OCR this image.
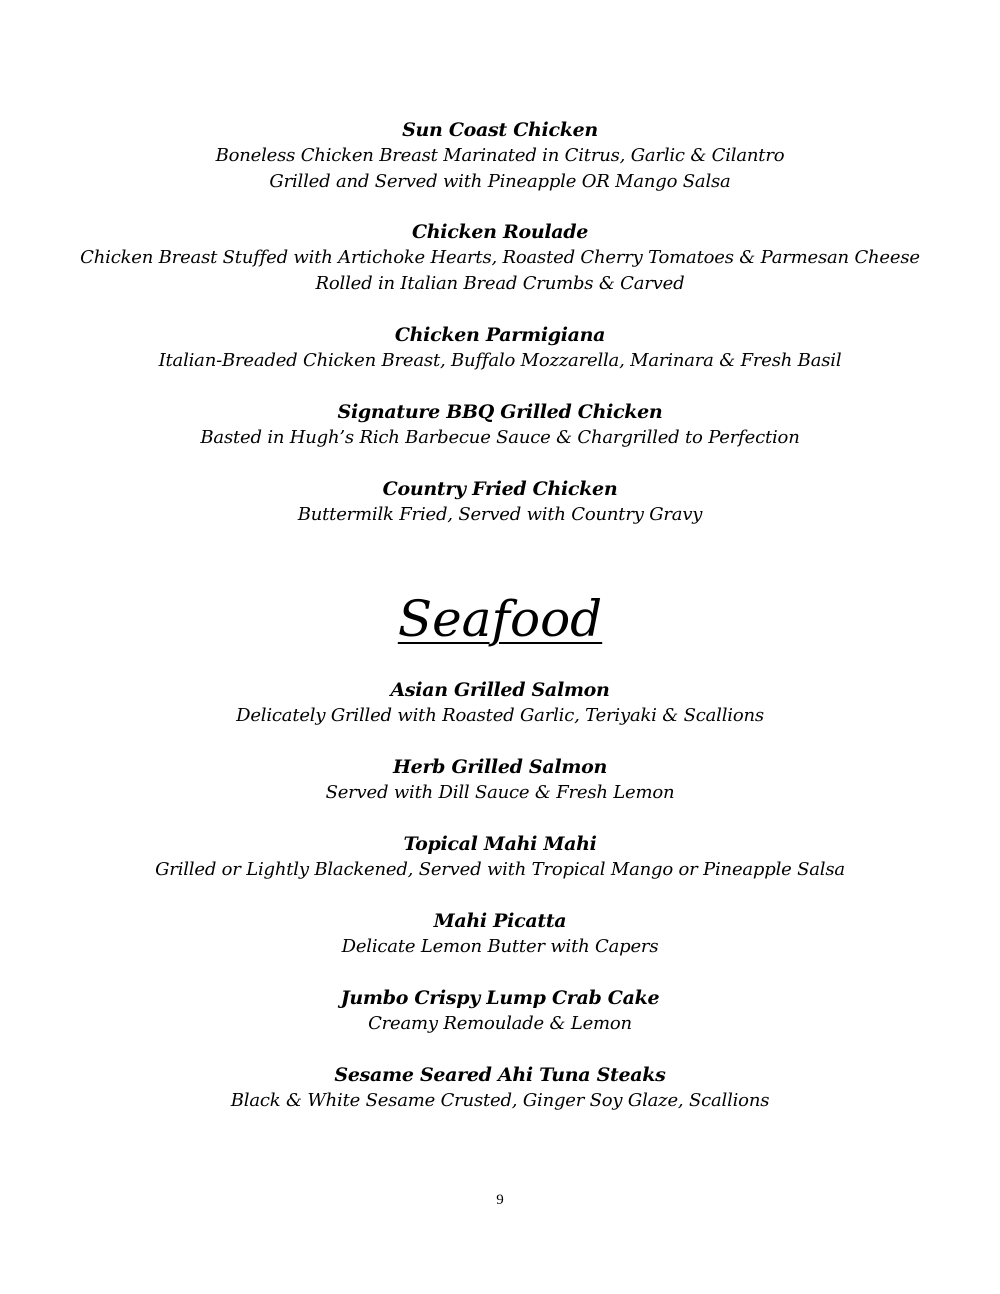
Sun Coast Chicken
Boneless Chicken Breast Marinated in Citrus, Garlic & Cilantro
Grilled and Served with Pineapple OR Mango Salsa
Chicken Roulade
Chicken Breast Stuffed with Artichoke Hearts, Roasted Cherry Tomatoes & Parmesan Cheese
Rolled in Italian Bread Crumbs & Carved
Chicken Parmigiana
Italian-Breaded Chicken Breast, Buffalo Mozzarella, Marinara & Fresh Basil
Signature BBQ Grilled Chicken
Basted in Hugh’s Rich Barbecue Sauce & Chargrilled to Perfection
Country Fried Chicken
Buttermilk Fried, Served with Country Gravy
Seafood
Asian Grilled Salmon
Delicately Grilled with Roasted Garlic, Teriyaki & Scallions
Herb Grilled Salmon
Served with Dill Sauce & Fresh Lemon
Topical Mahi Mahi
Grilled or Lightly Blackened, Served with Tropical Mango or Pineapple Salsa
Mahi Picatta
Delicate Lemon Butter with Capers
Jumbo Crispy Lump Crab Cake
Creamy Remoulade & Lemon
Sesame Seared Ahi Tuna Steaks
Black & White Sesame Crusted, Ginger Soy Glaze, Scallions
9
